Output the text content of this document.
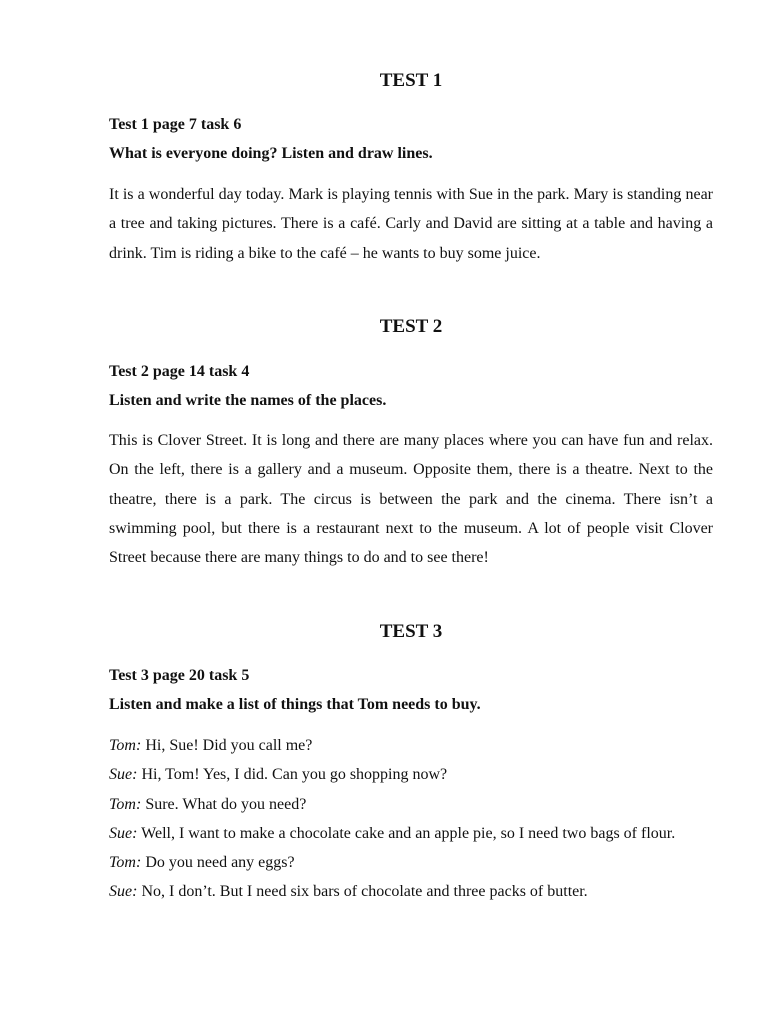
TEST 1

Test 1 page 7 task 6

What is everyone doing? Listen and draw lines.

It is a wonderful day today. Mark is playing tennis with Sue in the park. Mary is standing near a tree and taking pictures. There is a café. Carly and David are sitting at a table and having a drink. Tim is riding a bike to the café – he wants to buy some juice.

TEST 2

Test 2 page 14 task 4

Listen and write the names of the places.

This is Clover Street. It is long and there are many places where you can have fun and relax. On the left, there is a gallery and a museum. Opposite them, there is a theatre. Next to the theatre, there is a park. The circus is between the park and the cinema. There isn’t a swimming pool, but there is a restaurant next to the museum. A lot of people visit Clover Street because there are many things to do and to see there!

TEST 3

Test 3 page 20 task 5

Listen and make a list of things that Tom needs to buy.

Tom: Hi, Sue! Did you call me?

Sue: Hi, Tom! Yes, I did. Can you go shopping now?

Tom: Sure. What do you need?

Sue: Well, I want to make a chocolate cake and an apple pie, so I need two bags of flour.

Tom: Do you need any eggs?

Sue: No, I don’t. But I need six bars of chocolate and three packs of butter.
